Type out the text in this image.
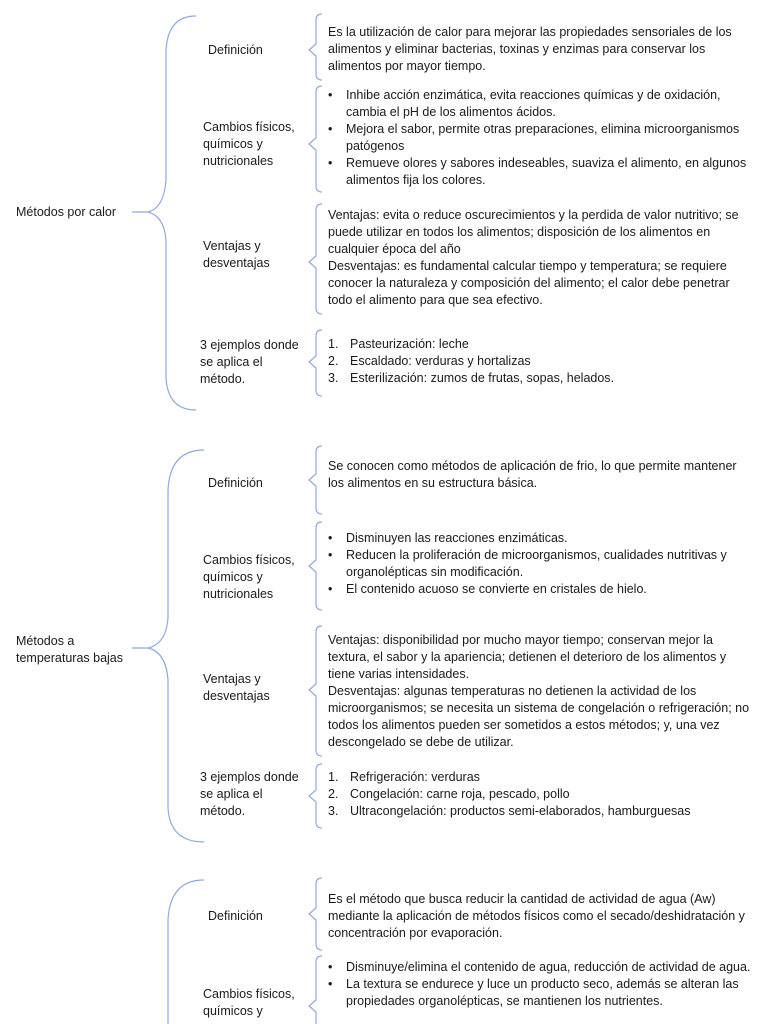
Métodos por calor
Definición
Es la utilización de calor para mejorar las propiedades sensoriales de los alimentos y eliminar bacterias, toxinas y enzimas para conservar los alimentos por mayor tiempo.
Cambios físicos, químicos y nutricionales
• Inhibe acción enzimática, evita reacciones químicas y de oxidación, cambia el pH de los alimentos ácidos.
• Mejora el sabor, permite otras preparaciones, elimina microorganismos patógenos
• Remueve olores y sabores indeseables, suaviza el alimento, en algunos alimentos fija los colores.
Ventajas y desventajas

Ventajas: evita o reduce oscurecimientos y la perdida de valor nutritivo; se puede utilizar en todos los alimentos; disposición de los alimentos en cualquier época del año

Desventajas: es fundamental calcular tiempo y temperatura; se requiere conocer la naturaleza y composición del alimento; el calor debe penetrar todo el alimento para que sea efectivo.

3 ejemplos donde se aplica el método.
1. Pasteurización: leche
2. Escaldado: verduras y hortalizas
3. Esterilización: zumos de frutas, sopas, helados.
Métodos a temperaturas bajas
Definición
Se conocen como métodos de aplicación de frio, lo que permite mantener los alimentos en su estructura básica.
Cambios físicos, químicos y nutricionales
• Disminuyen las reacciones enzimáticas.
• Reducen la proliferación de microorganismos, cualidades nutritivas y organolépticas sin modificación.
• El contenido acuoso se convierte en cristales de hielo.
Ventajas y desventajas

Ventajas: disponibilidad por mucho mayor tiempo; conservan mejor la textura, el sabor y la apariencia; detienen el deterioro de los alimentos y tiene varias intensidades.

Desventajas: algunas temperaturas no detienen la actividad de los microorganismos; se necesita un sistema de congelación o refrigeración; no todos los alimentos pueden ser sometidos a estos métodos; y, una vez descongelado se debe de utilizar.

3 ejemplos donde se aplica el método.
1. Refrigeración: verduras
2. Congelación: carne roja, pescado, pollo
3. Ultracongelación: productos semi-elaborados, hamburguesas
Definición
Es el método que busca reducir la cantidad de actividad de agua (Aw) mediante la aplicación de métodos físicos como el secado/deshidratación y concentración por evaporación.
Cambios físicos, químicos y
• Disminuye/elimina el contenido de agua, reducción de actividad de agua.
• La textura se endurece y luce un producto seco, además se alteran las propiedades organolépticas, se mantienen los nutrientes.
